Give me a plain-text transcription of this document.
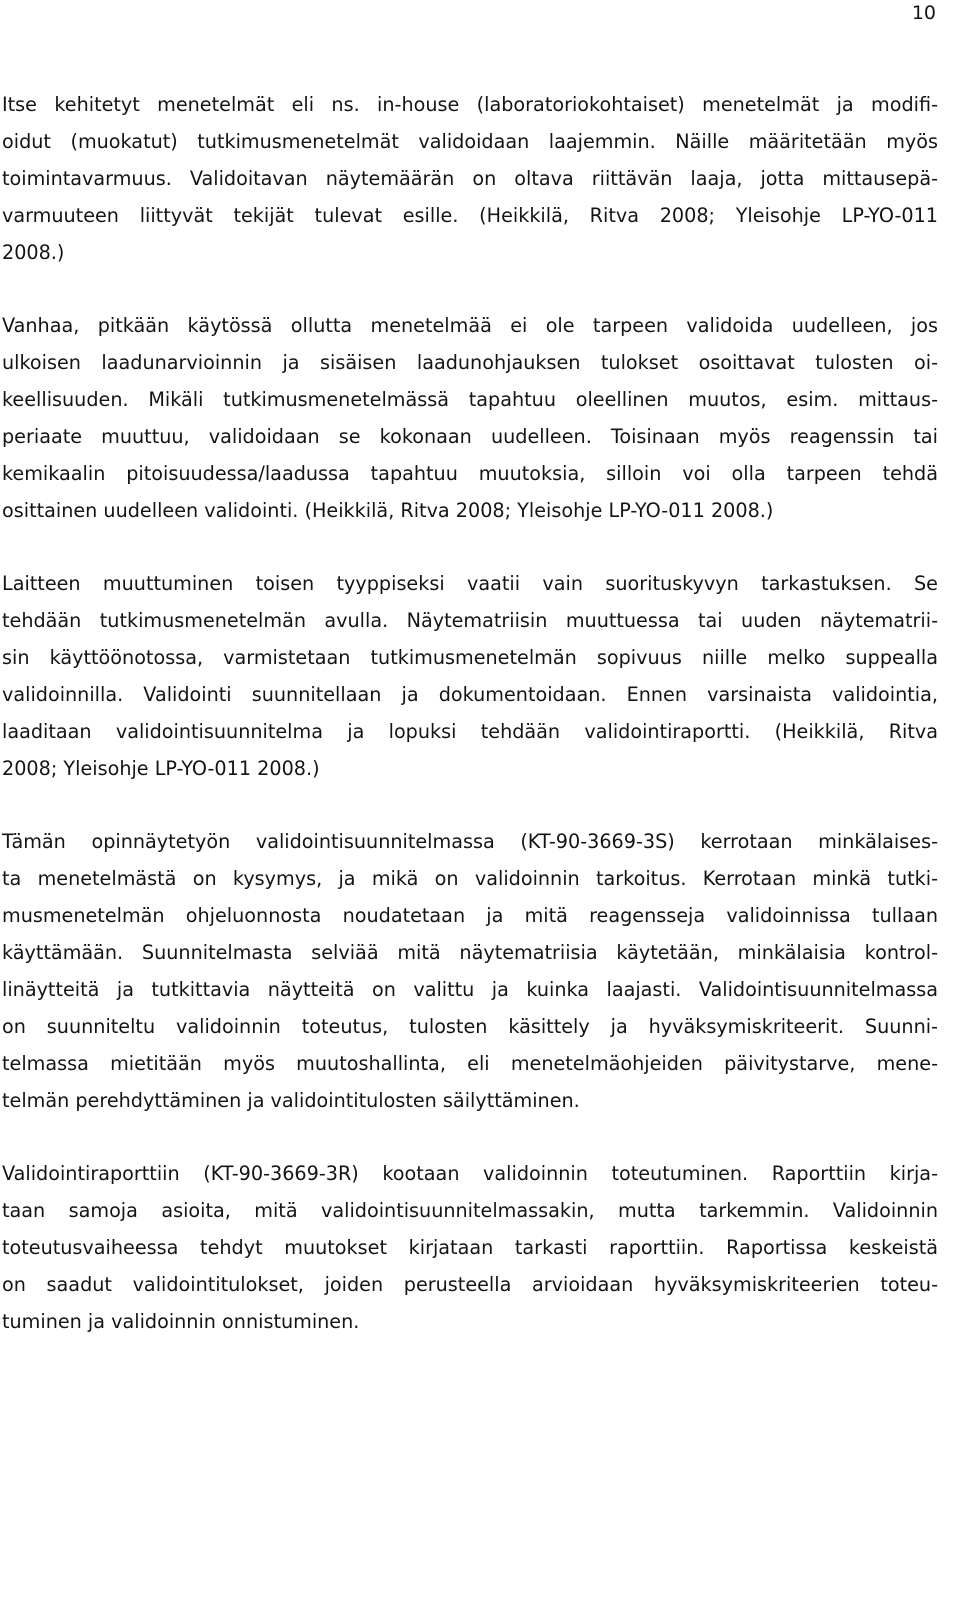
10
Itse kehitetyt menetelmät eli ns. in-house (laboratoriokohtaiset) menetelmät ja modifi-
oidut (muokatut) tutkimusmenetelmät validoidaan laajemmin. Näille määritetään myös
toimintavarmuus. Validoitavan näytemäärän on oltava riittävän laaja, jotta mittausepä-
varmuuteen liittyvät tekijät tulevat esille. (Heikkilä, Ritva 2008; Yleisohje LP-YO-011
2008.)
Vanhaa, pitkään käytössä ollutta menetelmää ei ole tarpeen validoida uudelleen, jos
ulkoisen laadunarvioinnin ja sisäisen laadunohjauksen tulokset osoittavat tulosten oi-
keellisuuden. Mikäli tutkimusmenetelmässä tapahtuu oleellinen muutos, esim. mittaus-
periaate muuttuu, validoidaan se kokonaan uudelleen. Toisinaan myös reagenssin tai
kemikaalin pitoisuudessa/laadussa tapahtuu muutoksia, silloin voi olla tarpeen tehdä
osittainen uudelleen validointi. (Heikkilä, Ritva 2008; Yleisohje LP-YO-011 2008.)
Laitteen muuttuminen toisen tyyppiseksi vaatii vain suorituskyvyn tarkastuksen. Se
tehdään tutkimusmenetelmän avulla. Näytematriisin muuttuessa tai uuden näytematrii-
sin käyttöönotossa, varmistetaan tutkimusmenetelmän sopivuus niille melko suppealla
validoinnilla. Validointi suunnitellaan ja dokumentoidaan. Ennen varsinaista validointia,
laaditaan validointisuunnitelma ja lopuksi tehdään validointiraportti. (Heikkilä, Ritva
2008; Yleisohje LP-YO-011 2008.)
Tämän opinnäytetyön validointisuunnitelmassa (KT-90-3669-3S) kerrotaan minkälaises-
ta menetelmästä on kysymys, ja mikä on validoinnin tarkoitus. Kerrotaan minkä tutki-
musmenetelmän ohjeluonnosta noudatetaan ja mitä reagensseja validoinnissa tullaan
käyttämään. Suunnitelmasta selviää mitä näytematriisia käytetään, minkälaisia kontrol-
linäytteitä ja tutkittavia näytteitä on valittu ja kuinka laajasti. Validointisuunnitelmassa
on suunniteltu validoinnin toteutus, tulosten käsittely ja hyväksymiskriteerit. Suunni-
telmassa mietitään myös muutoshallinta, eli menetelmäohjeiden päivitystarve, mene-
telmän perehdyttäminen ja validointitulosten säilyttäminen.
Validointiraporttiin (KT-90-3669-3R) kootaan validoinnin toteutuminen. Raporttiin kirja-
taan samoja asioita, mitä validointisuunnitelmassakin, mutta tarkemmin. Validoinnin
toteutusvaiheessa tehdyt muutokset kirjataan tarkasti raporttiin. Raportissa keskeistä
on saadut validointitulokset, joiden perusteella arvioidaan hyväksymiskriteerien toteu-
tuminen ja validoinnin onnistuminen.
